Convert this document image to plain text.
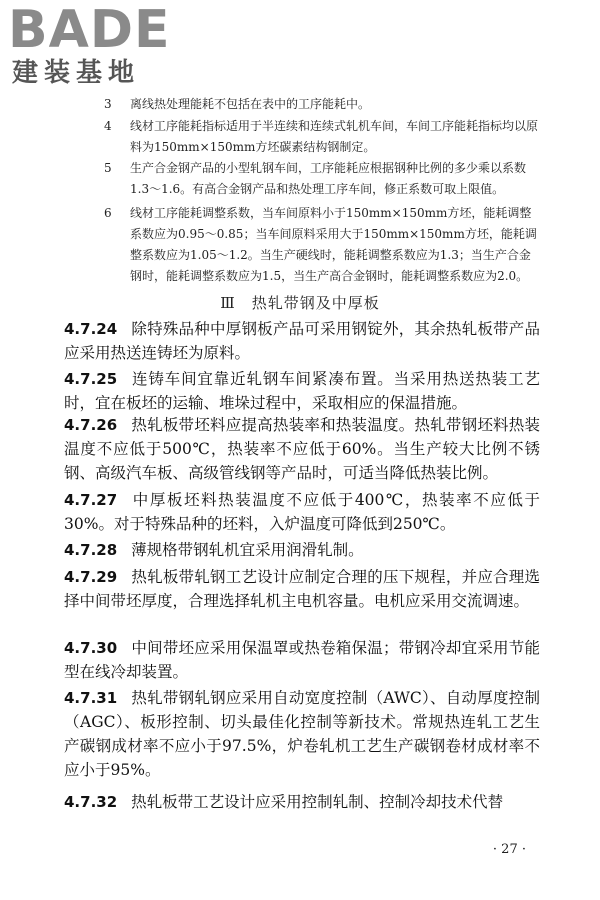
BADE
建装基地
3	离线热处理能耗不包括在表中的工序能耗中。
4	线材工序能耗指标适用于半连续和连续式轧机车间，车间工序能耗指标均以原料为150mm×150mm方坯碳素结构钢制定。
5	生产合金钢产品的小型轧钢车间，工序能耗应根据钢种比例的多少乘以系数1.3～1.6。有高合金钢产品和热处理工序车间，修正系数可取上限值。
6	线材工序能耗调整系数，当车间原料小于150mm×150mm方坯，能耗调整系数应为0.95～0.85；当车间原料采用大于150mm×150mm方坯，能耗调整系数应为1.05～1.2。当生产硬线时，能耗调整系数应为1.3；当生产合金钢时，能耗调整系数应为1.5，当生产高合金钢时，能耗调整系数应为2.0。
Ⅲ　热轧带钢及中厚板
4.7.24 除特殊品种中厚钢板产品可采用钢锭外，其余热轧板带产品应采用热送连铸坯为原料。
4.7.25 连铸车间宜靠近轧钢车间紧凑布置。当采用热送热装工艺时，宜在板坯的运输、堆垛过程中，采取相应的保温措施。
4.7.26 热轧板带坯料应提高热装率和热装温度。热轧带钢坯料热装温度不应低于500℃，热装率不应低于60%。当生产较大比例不锈钢、高级汽车板、高级管线钢等产品时，可适当降低热装比例。
4.7.27 中厚板坯料热装温度不应低于400℃，热装率不应低于30%。对于特殊品种的坯料，入炉温度可降低到250℃。
4.7.28 薄规格带钢轧机宜采用润滑轧制。
4.7.29 热轧板带轧钢工艺设计应制定合理的压下规程，并应合理选择中间带坯厚度，合理选择轧机主电机容量。电机应采用交流调速。
4.7.30 中间带坯应采用保温罩或热卷箱保温；带钢冷却宜采用节能型在线冷却装置。
4.7.31 热轧带钢轧钢应采用自动宽度控制（AWC）、自动厚度控制（AGC）、板形控制、切头最佳化控制等新技术。常规热连轧工艺生产碳钢成材率不应小于97.5%，炉卷轧机工艺生产碳钢卷材成材率不应小于95%。
4.7.32 热轧板带工艺设计应采用控制轧制、控制冷却技术代替
· 27 ·
